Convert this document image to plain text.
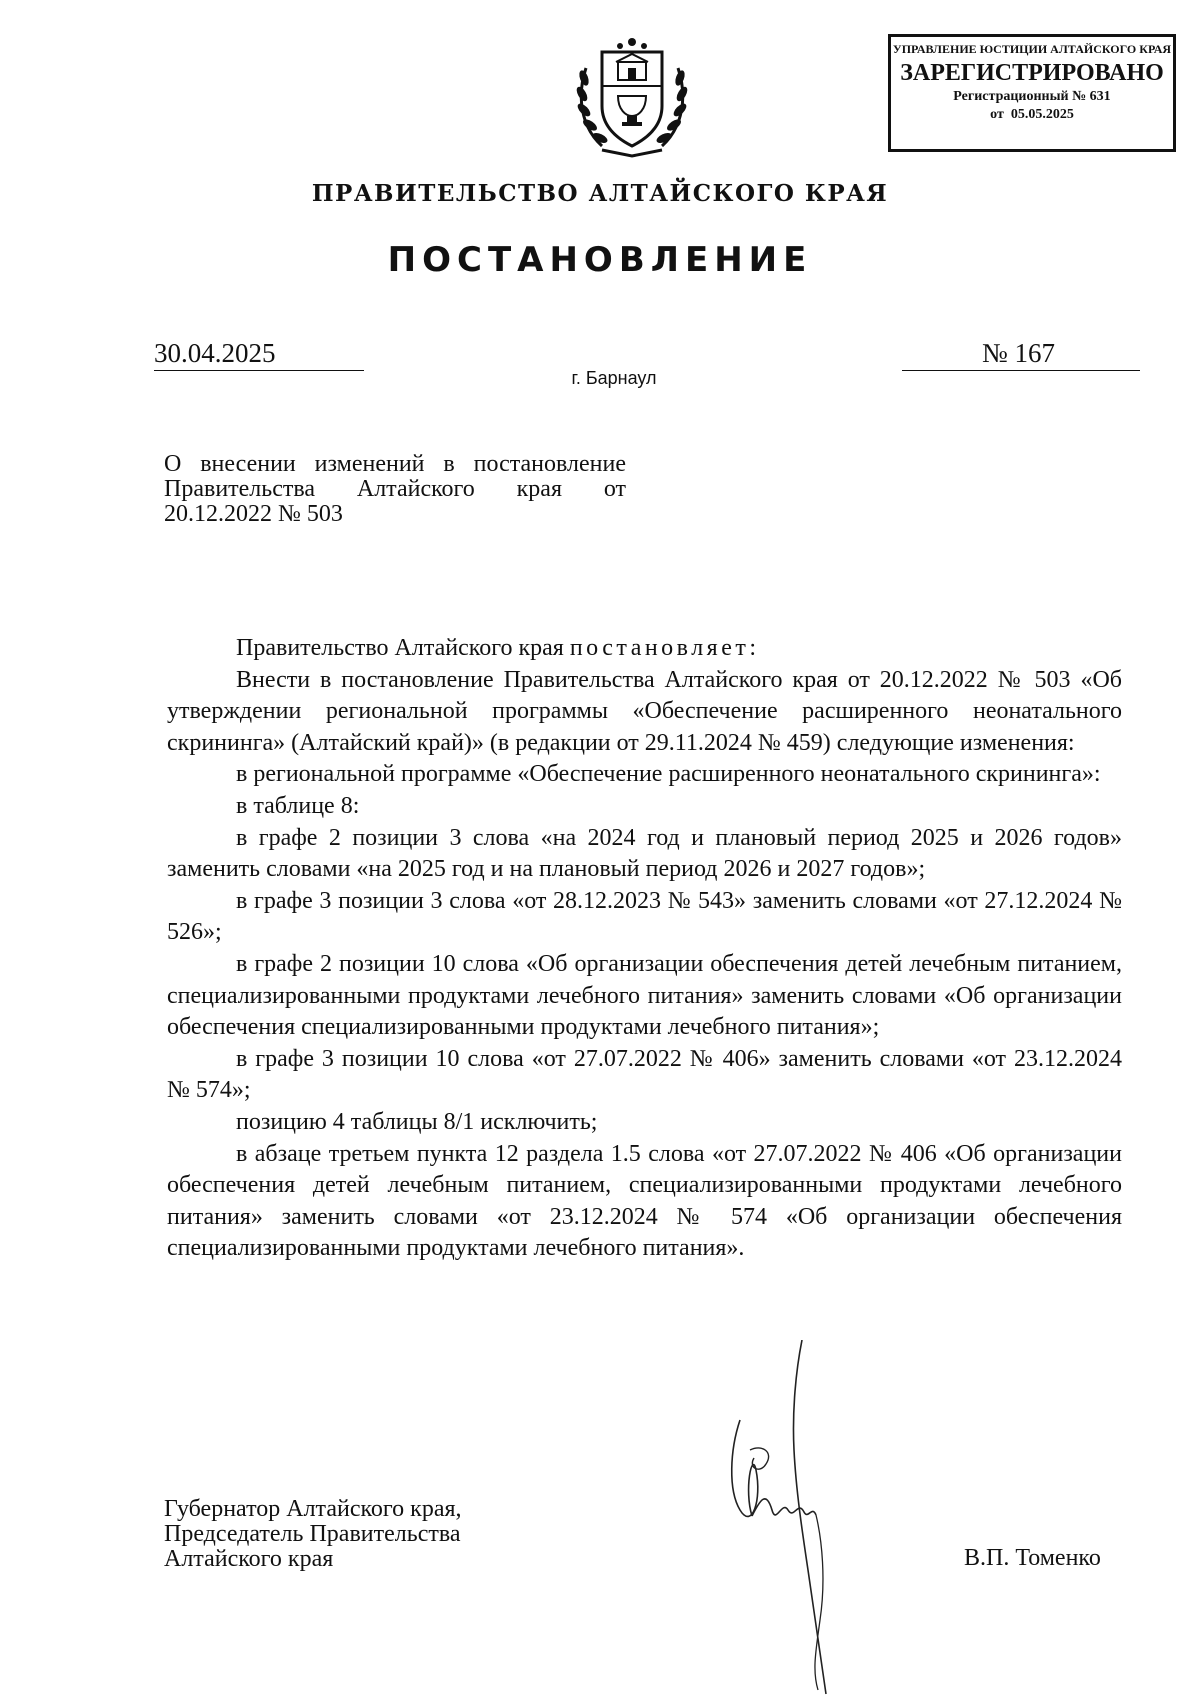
УПРАВЛЕНИЕ ЮСТИЦИИ АЛТАЙСКОГО КРАЯ
ЗАРЕГИСТРИРОВАНО
Регистрационный № 631
от  05.05.2025
ПРАВИТЕЛЬСТВО АЛТАЙСКОГО КРАЯ
ПОСТАНОВЛЕНИЕ
30.04.2025	№ 167
г. Барнаул
О внесении изменений в постановление
Правительства Алтайского края от
20.12.2022 № 503

Правительство Алтайского края постановляет:

Внести в постановление Правительства Алтайского края от 20.12.2022 № 503 «Об утверждении региональной программы «Обеспечение расширенного неонатального скрининга» (Алтайский край)» (в редакции от 29.11.2024 № 459) следующие изменения:

в региональной программе «Обеспечение расширенного неонатального скрининга»:

в таблице 8:

в графе 2 позиции 3 слова «на 2024 год и плановый период 2025 и 2026 годов» заменить словами «на 2025 год и на плановый период 2026 и 2027 годов»;

в графе 3 позиции 3 слова «от 28.12.2023 № 543» заменить словами «от 27.12.2024 № 526»;

в графе 2 позиции 10 слова «Об организации обеспечения детей лечебным питанием, специализированными продуктами лечебного питания» заменить словами «Об организации обеспечения специализированными продуктами лечебного питания»;

в графе 3 позиции 10 слова «от 27.07.2022 № 406» заменить словами «от 23.12.2024 № 574»;

позицию 4 таблицы 8/1 исключить;

в абзаце третьем пункта 12 раздела 1.5 слова «от 27.07.2022 № 406 «Об организации обеспечения детей лечебным питанием, специализированными продуктами лечебного питания» заменить словами «от 23.12.2024 № 574 «Об организации обеспечения специализированными продуктами лечебного питания».

Губернатор Алтайского края,
Председатель Правительства
Алтайского края	В.П. Томенко
